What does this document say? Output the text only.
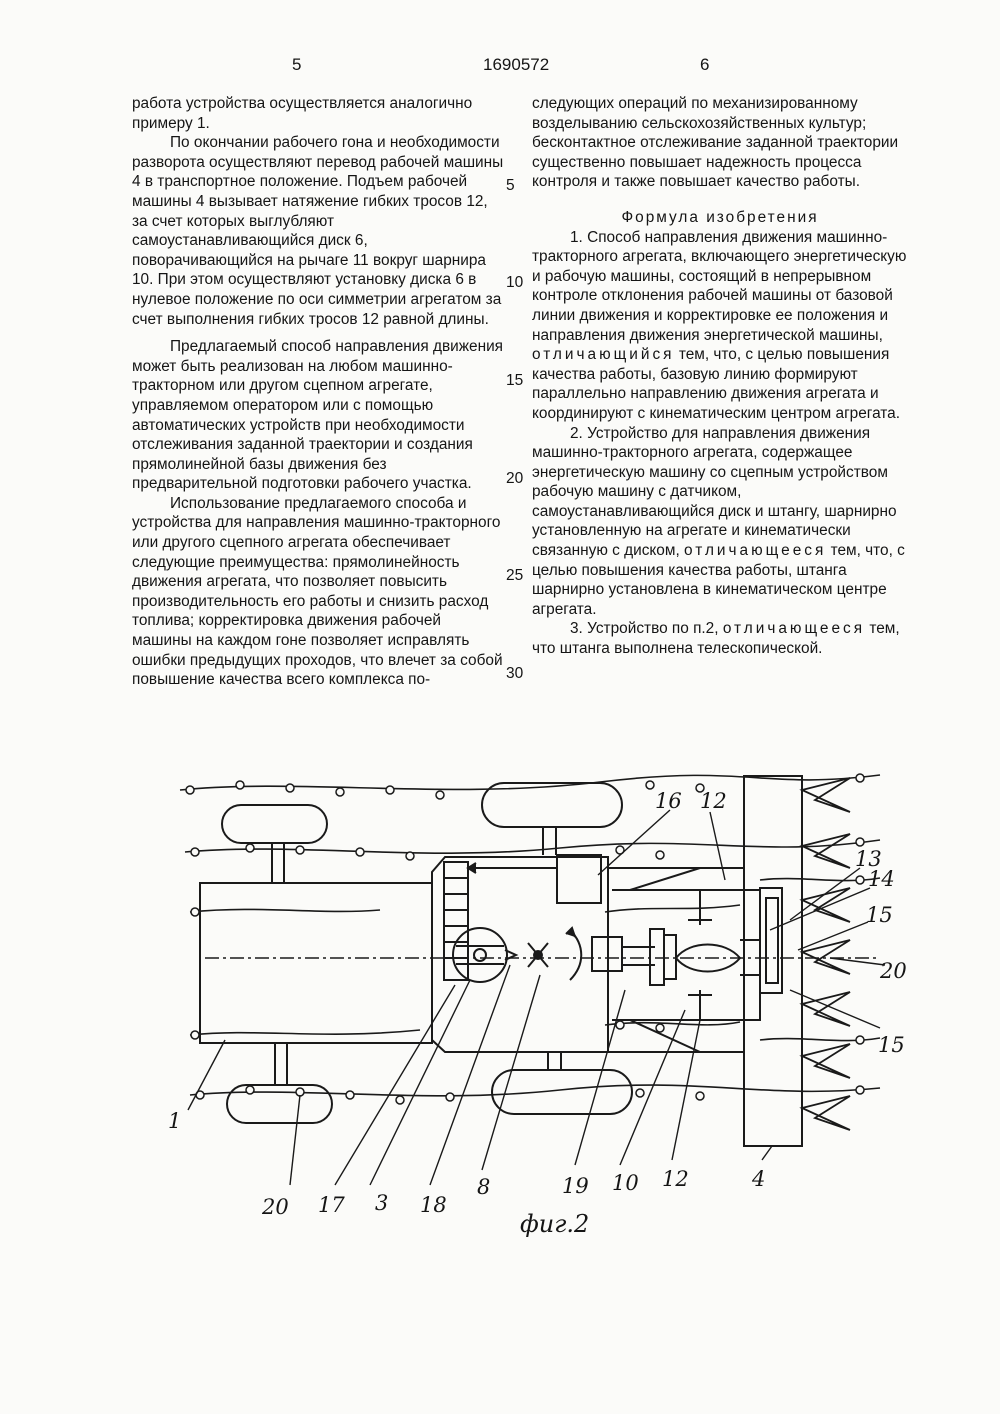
5	1690572	6

работа устройства осуществляется аналогично примеру 1.

По окончании рабочего гона и необходимости разворота осуществляют перевод рабочей машины 4 в транспортное положение. Подъем рабочей машины 4 вызывает натяжение гибких тросов 12, за счет которых выглубляют самоустанавливающийся диск 6, поворачивающийся на рычаге 11 вокруг шарнира 10. При этом осуществляют установку диска 6 в нулевое положение по оси симметрии агрегатом за счет выполнения гибких тросов 12 равной длины.

Предлагаемый способ направления движения может быть реализован на любом машинно-тракторном или другом сцепном агрегате, управляемом оператором или с помощью автоматических устройств при необходимости отслеживания заданной траектории и создания прямолинейной базы движения без предварительной подготовки рабочего участка.

Использование предлагаемого способа и устройства для направления машинно-тракторного или другого сцепного агрегата обеспечивает следующие преимущества: прямолинейность движения агрегата, что позволяет повысить производительность его работы и снизить расход топлива; корректировка движения рабочей машины на каждом гоне позволяет исправлять ошибки предыдущих проходов, что влечет за собой повышение качества всего комплекса по-

следующих операций по механизированному возделыванию сельскохозяйственных культур; бесконтактное отслеживание заданной траектории существенно повышает надежность процесса контроля и также повышает качество работы.

Формула изобретения

1. Способ направления движения машинно-тракторного агрегата, включающего энергетическую и рабочую машины, состоящий в непрерывном контроле отклонения рабочей машины от базовой линии движения и корректировке ее положения и направления движения энергетической машины, отличающийся тем, что, с целью повышения качества работы, базовую линию формируют параллельно направлению движения агрегата и координируют с кинематическим центром агрегата.

2. Устройство для направления движения машинно-тракторного агрегата, содержащее энергетическую машину со сцепным устройством рабочую машину с датчиком, самоустанавливающийся диск и штангу, шарнирно установленную на агрегате и кинематически связанную с диском, отличающееся тем, что, с целью повышения качества работы, штанга шарнирно установлена в кинематическом центре агрегата.

3. Устройство по п.2, отличающееся тем, что штанга выполнена телескопической.

5
10
15
20
25
30
16 12
13
14
15
20
15
1
20 17 3 18
8	19 10 12	4
фиг.2
